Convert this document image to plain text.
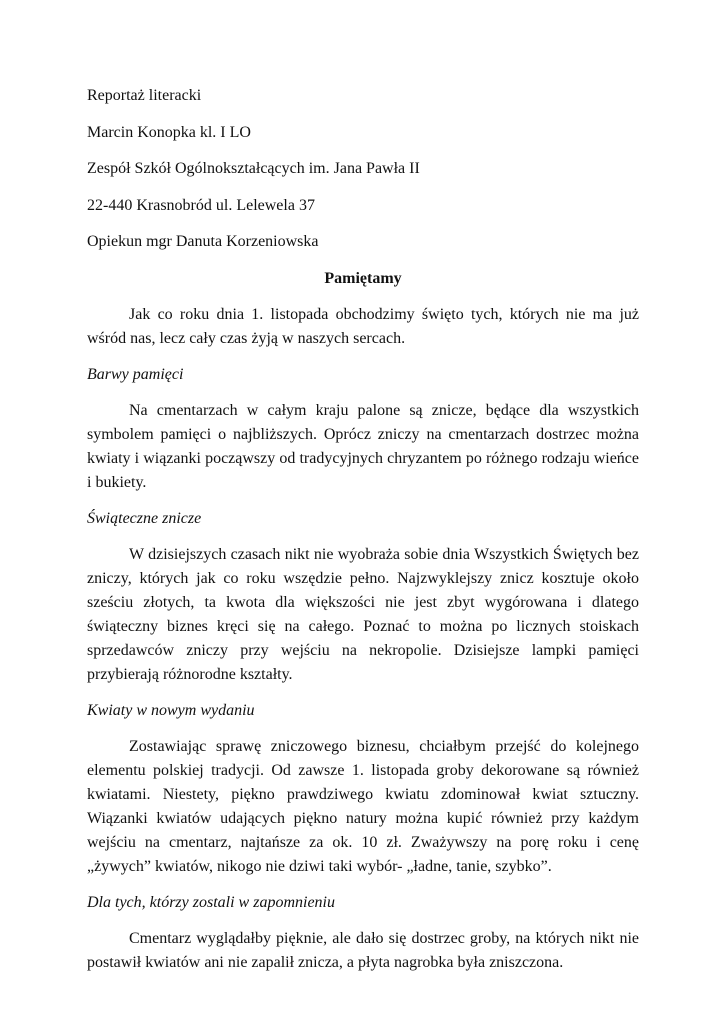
Reportaż literacki
Marcin Konopka kl. I LO
Zespół Szkół Ogólnokształcących im. Jana Pawła II
22-440 Krasnobród ul. Lelewela 37
Opiekun mgr Danuta Korzeniowska
Pamiętamy

Jak co roku dnia 1. listopada obchodzimy święto tych, których nie ma już wśród nas, lecz cały czas żyją w naszych sercach.

Barwy pamięci

Na cmentarzach w całym kraju palone są znicze, będące dla wszystkich symbolem pamięci o najbliższych. Oprócz zniczy na cmentarzach dostrzec można kwiaty i wiązanki począwszy od tradycyjnych chryzantem po różnego rodzaju wieńce i bukiety.

Świąteczne znicze

W dzisiejszych czasach nikt nie wyobraża sobie dnia Wszystkich Świętych bez zniczy, których jak co roku wszędzie pełno. Najzwyklejszy znicz kosztuje około sześciu złotych, ta kwota dla większości nie jest zbyt wygórowana i dlatego świąteczny biznes kręci się na całego. Poznać to można po licznych stoiskach sprzedawców zniczy przy wejściu na nekropolie. Dzisiejsze lampki pamięci przybierają różnorodne kształty.

Kwiaty w nowym wydaniu

Zostawiając sprawę zniczowego biznesu, chciałbym przejść do kolejnego elementu polskiej tradycji. Od zawsze 1. listopada groby dekorowane są również kwiatami. Niestety, piękno prawdziwego kwiatu zdominował kwiat sztuczny. Wiązanki kwiatów udających piękno natury można kupić również przy każdym wejściu na cmentarz, najtańsze za ok. 10 zł. Zważywszy na porę roku i cenę „żywych” kwiatów, nikogo nie dziwi taki wybór- „ładne, tanie, szybko”.

Dla tych, którzy zostali w zapomnieniu

Cmentarz wyglądałby pięknie, ale dało się dostrzec groby, na których nikt nie postawił kwiatów ani nie zapalił znicza, a płyta nagrobka była zniszczona.
